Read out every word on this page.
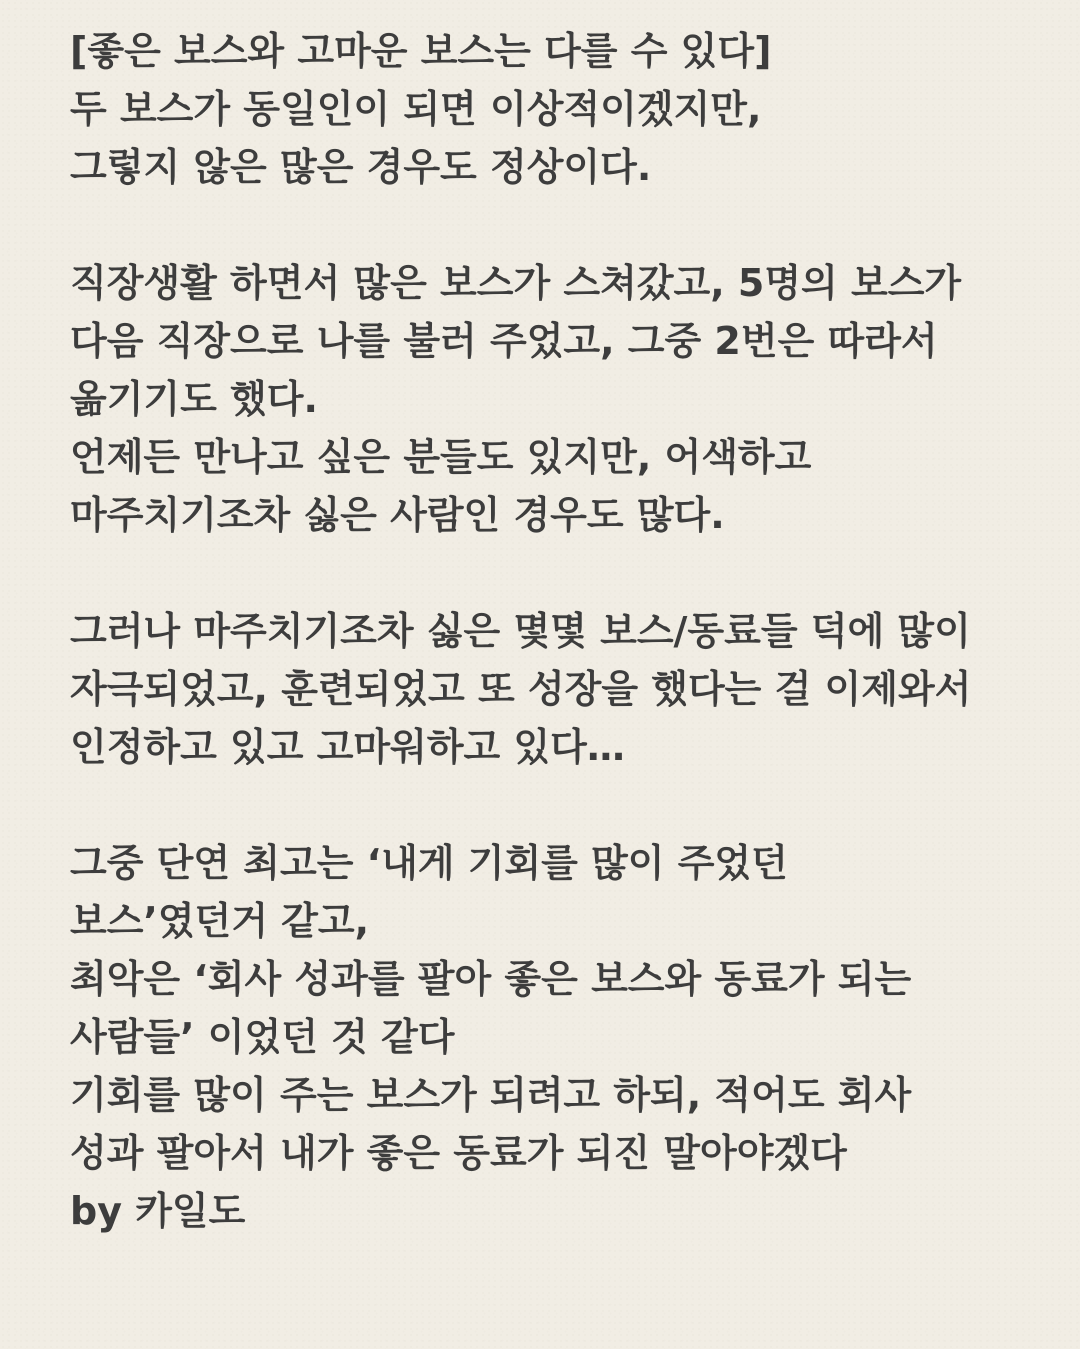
[좋은 보스와 고마운 보스는 다를 수 있다]
두 보스가 동일인이 되면 이상적이겠지만,
그렇지 않은 많은 경우도 정상이다.
직장생활 하면서 많은 보스가 스쳐갔고, 5명의 보스가
다음 직장으로 나를 불러 주었고, 그중 2번은 따라서
옮기기도 했다.
언제든 만나고 싶은 분들도 있지만, 어색하고
마주치기조차 싫은 사람인 경우도 많다.
그러나 마주치기조차 싫은 몇몇 보스/동료들 덕에 많이
자극되었고, 훈련되었고 또 성장을 했다는 걸 이제와서
인정하고 있고 고마워하고 있다…
그중 단연 최고는 ‘내게 기회를 많이 주었던
보스’였던거 같고,
최악은 ‘회사 성과를 팔아 좋은 보스와 동료가 되는
사람들’ 이었던 것 같다
기회를 많이 주는 보스가 되려고 하되, 적어도 회사
성과 팔아서 내가 좋은 동료가 되진 말아야겠다
by 카일도
